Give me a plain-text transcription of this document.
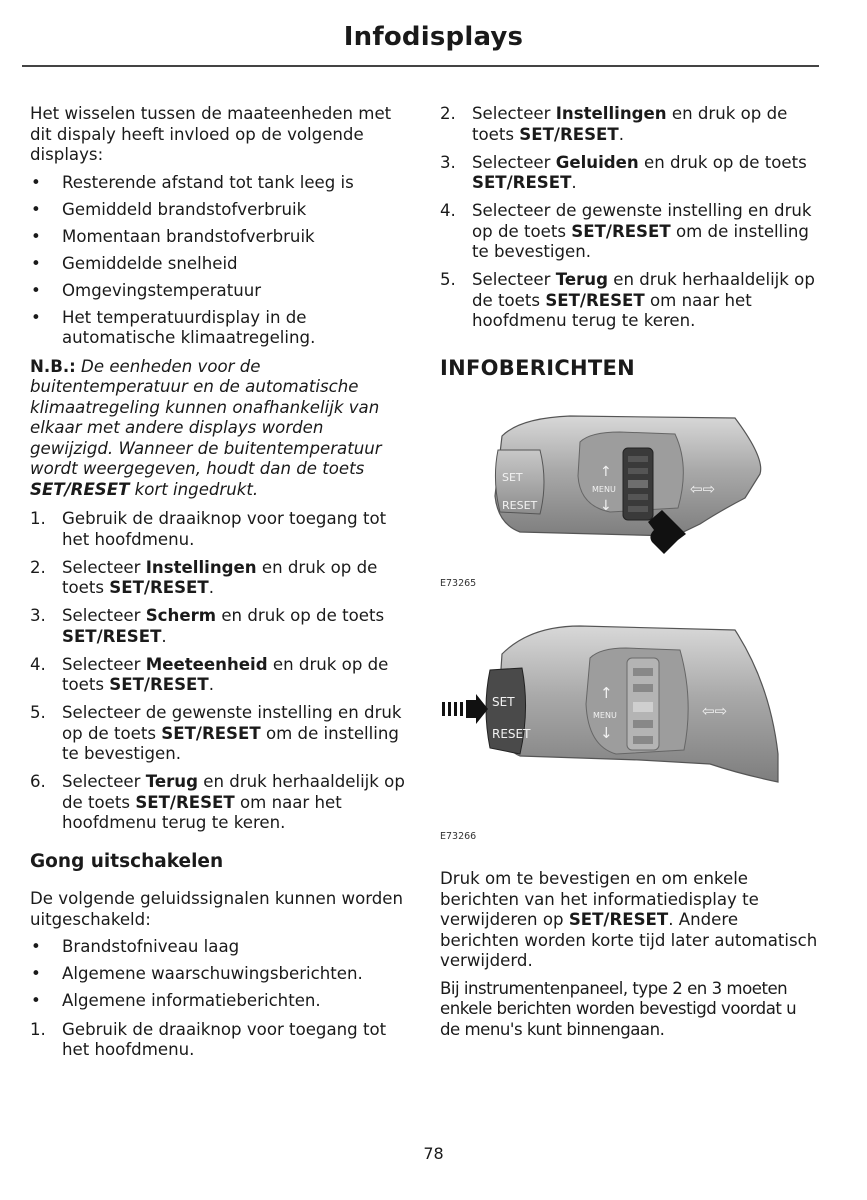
Infodisplays

Het wisselen tussen de maateenheden met dit dispaly heeft invloed op de volgende displays:

• Resterende afstand tot tank leeg is
• Gemiddeld brandstofverbruik
• Momentaan brandstofverbruik
• Gemiddelde snelheid
• Omgevingstemperatuur
• Het temperatuurdisplay in de automatische klimaatregeling.

N.B.: De eenheden voor de buitentemperatuur en de automatische klimaatregeling kunnen onafhankelijk van elkaar met andere displays worden gewijzigd. Wanneer de buitentemperatuur wordt weergegeven, houdt dan de toets SET/RESET kort ingedrukt.

1. Gebruik de draaiknop voor toegang tot het hoofdmenu.
2. Selecteer Instellingen en druk op de toets SET/RESET.
3. Selecteer Scherm en druk op de toets SET/RESET.
4. Selecteer Meeteenheid en druk op de toets SET/RESET.
5. Selecteer de gewenste instelling en druk op de toets SET/RESET om de instelling te bevestigen.
6. Selecteer Terug en druk herhaaldelijk op de toets SET/RESET om naar het hoofdmenu terug te keren.
Gong uitschakelen

De volgende geluidssignalen kunnen worden uitgeschakeld:

• Brandstofniveau laag
• Algemene waarschuwingsberichten.
• Algemene informatieberichten.
1. Gebruik de draaiknop voor toegang tot het hoofdmenu.
2. Selecteer Instellingen en druk op de toets SET/RESET.
3. Selecteer Geluiden en druk op de toets SET/RESET.
4. Selecteer de gewenste instelling en druk op de toets SET/RESET om de instelling te bevestigen.
5. Selecteer Terug en druk herhaaldelijk op de toets SET/RESET om naar het hoofdmenu terug te keren.
INFOBERICHTEN
SET
RESET
↑
MENU
↓
⇦⇨
E73265
SET
RESET
↑
MENU
↓
⇦⇨
E73266

Druk om te bevestigen en om enkele berichten van het informatiedisplay te verwijderen op SET/RESET. Andere berichten worden korte tijd later automatisch verwijderd.

Bij instrumentenpaneel, type 2 en 3 moeten enkele berichten worden bevestigd voordat u de menu's kunt binnengaan.

78
